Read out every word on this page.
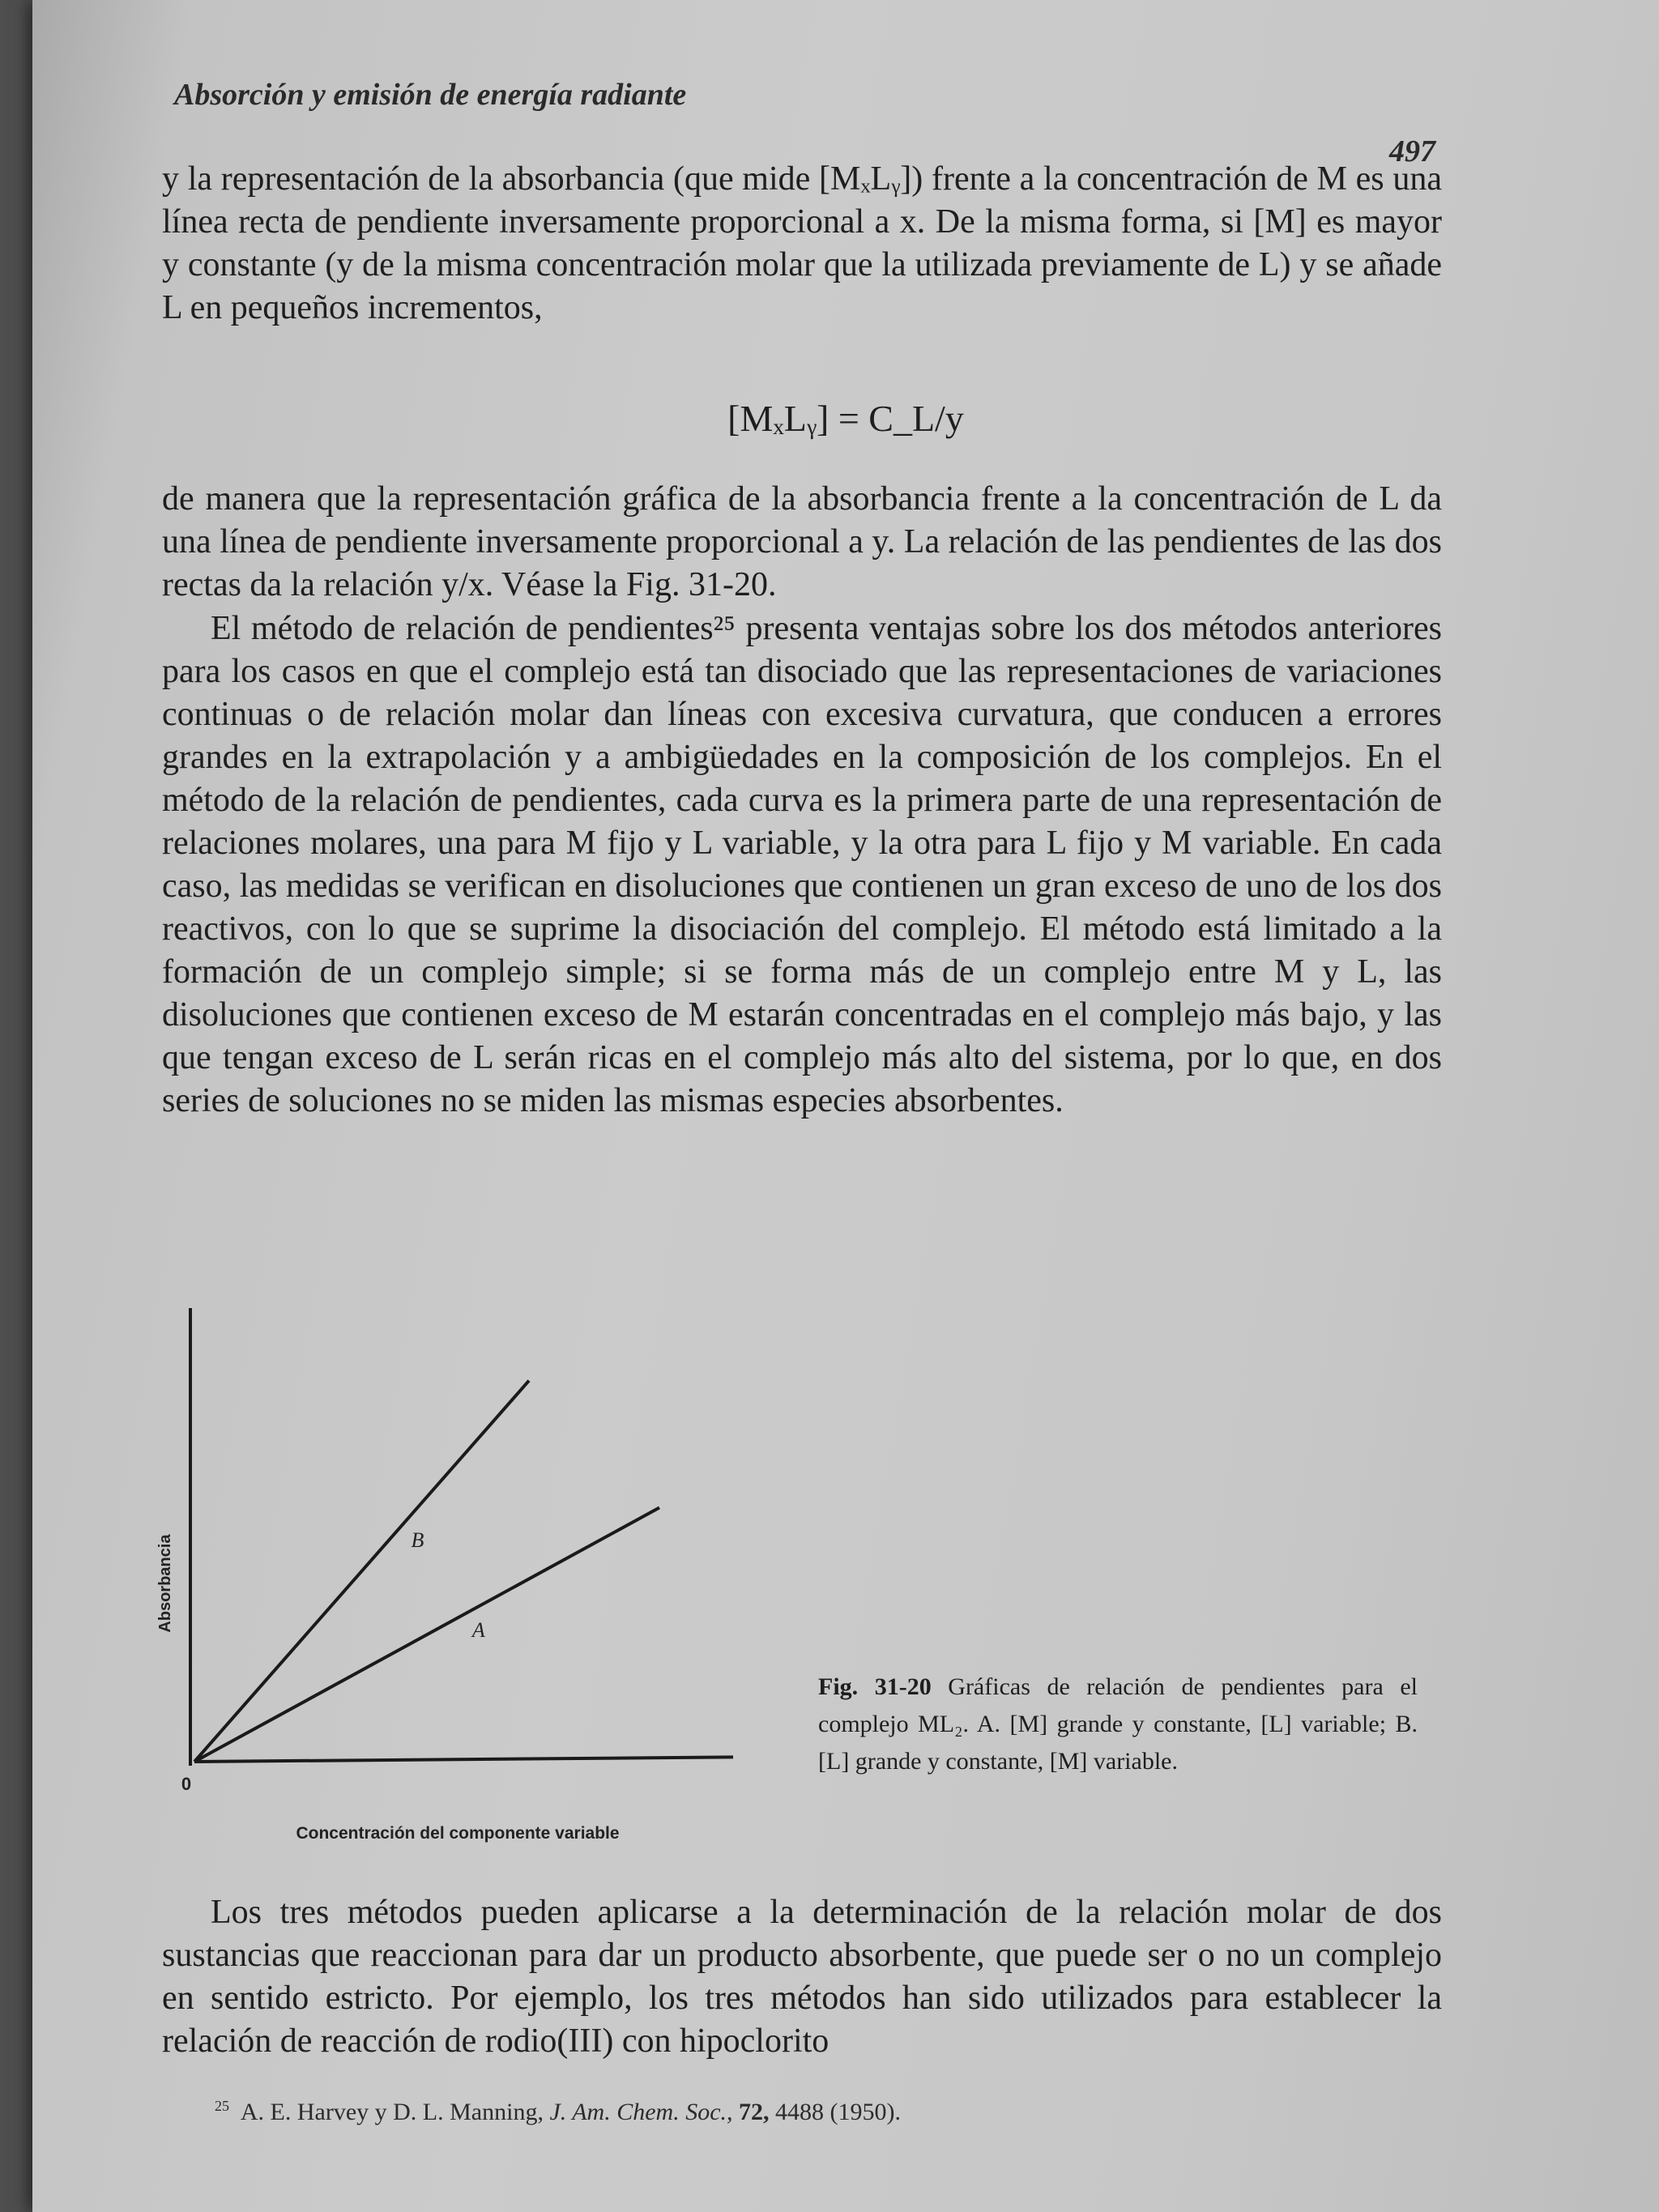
Absorción y emisión de energía radiante
497

y la representación de la absorbancia (que mide [MₓLᵧ]) frente a la concentración de M es una línea recta de pendiente inversamente proporcional a x. De la misma forma, si [M] es mayor y constante (y de la misma concentración molar que la utilizada previamente de L) y se añade L en pequeños incrementos,

[MₓLᵧ] = C_L/y

de manera que la representación gráfica de la absorbancia frente a la concentración de L da una línea de pendiente inversamente proporcional a y. La relación de las pendientes de las dos rectas da la relación y/x. Véase la Fig. 31-20.

El método de relación de pendientes²⁵ presenta ventajas sobre los dos métodos anteriores para los casos en que el complejo está tan disociado que las representaciones de variaciones continuas o de relación molar dan líneas con excesiva curvatura, que conducen a errores grandes en la extrapolación y a ambigüedades en la composición de los complejos. En el método de la relación de pendientes, cada curva es la primera parte de una representación de relaciones molares, una para M fijo y L variable, y la otra para L fijo y M variable. En cada caso, las medidas se verifican en disoluciones que contienen un gran exceso de uno de los dos reactivos, con lo que se suprime la disociación del complejo. El método está limitado a la formación de un complejo simple; si se forma más de un complejo entre M y L, las disoluciones que contienen exceso de M estarán concentradas en el complejo más bajo, y las que tengan exceso de L serán ricas en el complejo más alto del sistema, por lo que, en dos series de soluciones no se miden las mismas especies absorbentes.

Absorbancia
0
Concentración del componente variable
B
A
Fig. 31-20 Gráficas de relación de pendientes para el complejo ML₂. A. [M] grande y constante, [L] variable; B. [L] grande y constante, [M] variable.

Los tres métodos pueden aplicarse a la determinación de la relación molar de dos sustancias que reaccionan para dar un producto absorbente, que puede ser o no un complejo en sentido estricto. Por ejemplo, los tres métodos han sido utilizados para establecer la relación de reacción de rodio(III) con hipoclorito

$^{25}$ A. E. Harvey y D. L. Manning, J. Am. Chem. Soc., 72, 4488 (1950).
